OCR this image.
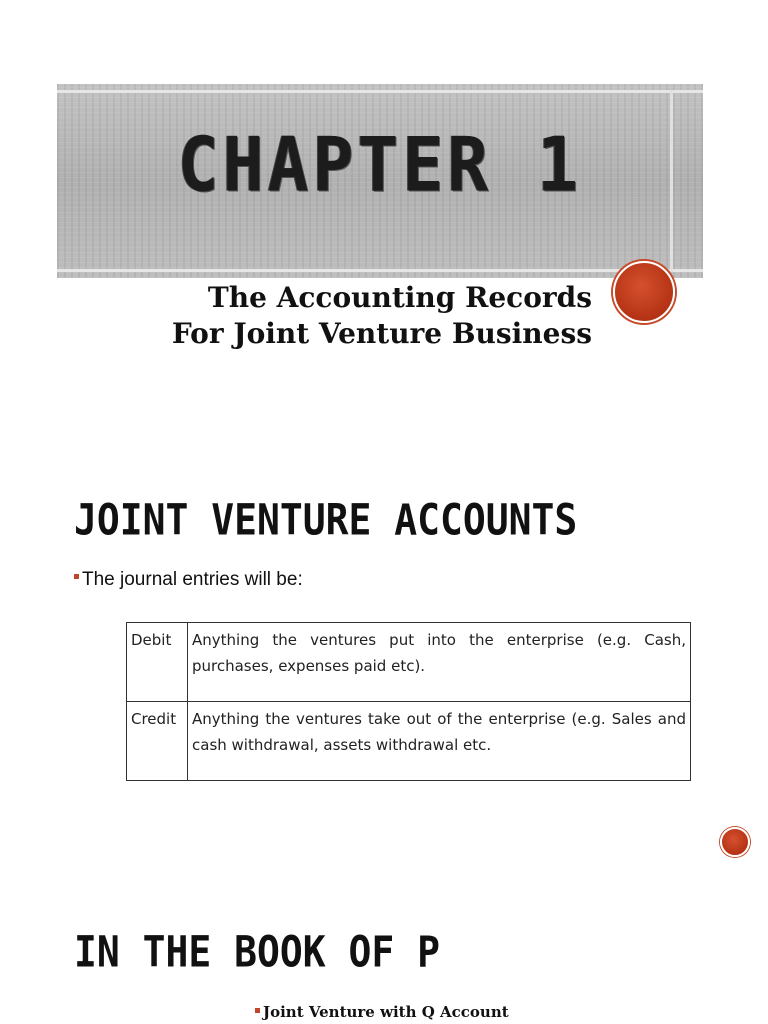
CHAPTER 1
The Accounting Records
For Joint Venture Business
JOINT VENTURE ACCOUNTS
The journal entries will be:
Debit	Anything the ventures put into the enterprise (e.g. Cash, purchases, expenses paid etc).
Credit	Anything the ventures take out of the enterprise (e.g. Sales and cash withdrawal, assets withdrawal etc.
IN THE BOOK OF P
Joint Venture with Q Account
